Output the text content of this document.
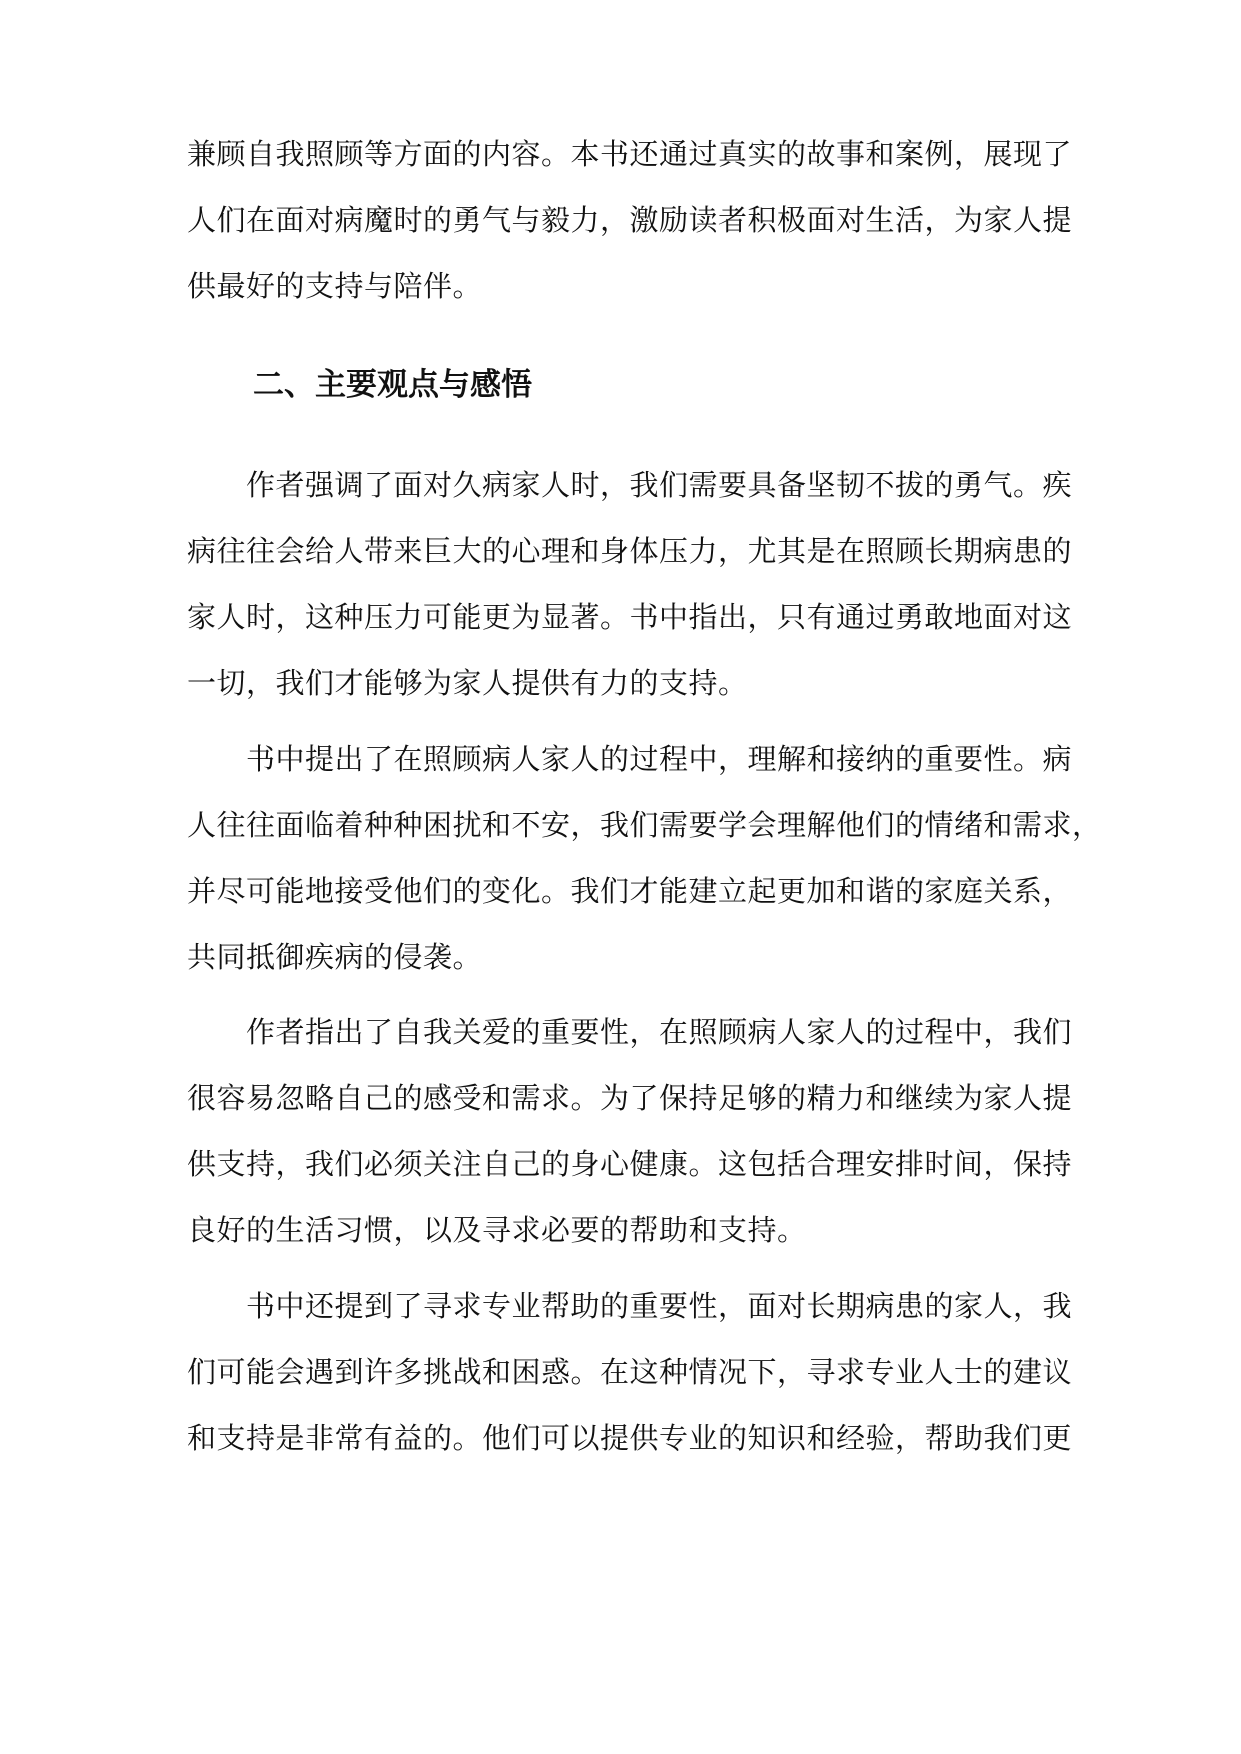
兼顾自我照顾等方面的内容。本书还通过真实的故事和案例，展现了
人们在面对病魔时的勇气与毅力，激励读者积极面对生活，为家人提
供最好的支持与陪伴。
二、主要观点与感悟
作者强调了面对久病家人时，我们需要具备坚韧不拔的勇气。疾
病往往会给人带来巨大的心理和身体压力，尤其是在照顾长期病患的
家人时，这种压力可能更为显著。书中指出，只有通过勇敢地面对这
一切，我们才能够为家人提供有力的支持。
书中提出了在照顾病人家人的过程中，理解和接纳的重要性。病
人往往面临着种种困扰和不安，我们需要学会理解他们的情绪和需求，
并尽可能地接受他们的变化。我们才能建立起更加和谐的家庭关系，
共同抵御疾病的侵袭。
作者指出了自我关爱的重要性，在照顾病人家人的过程中，我们
很容易忽略自己的感受和需求。为了保持足够的精力和继续为家人提
供支持，我们必须关注自己的身心健康。这包括合理安排时间，保持
良好的生活习惯，以及寻求必要的帮助和支持。
书中还提到了寻求专业帮助的重要性，面对长期病患的家人，我
们可能会遇到许多挑战和困惑。在这种情况下，寻求专业人士的建议
和支持是非常有益的。他们可以提供专业的知识和经验，帮助我们更
